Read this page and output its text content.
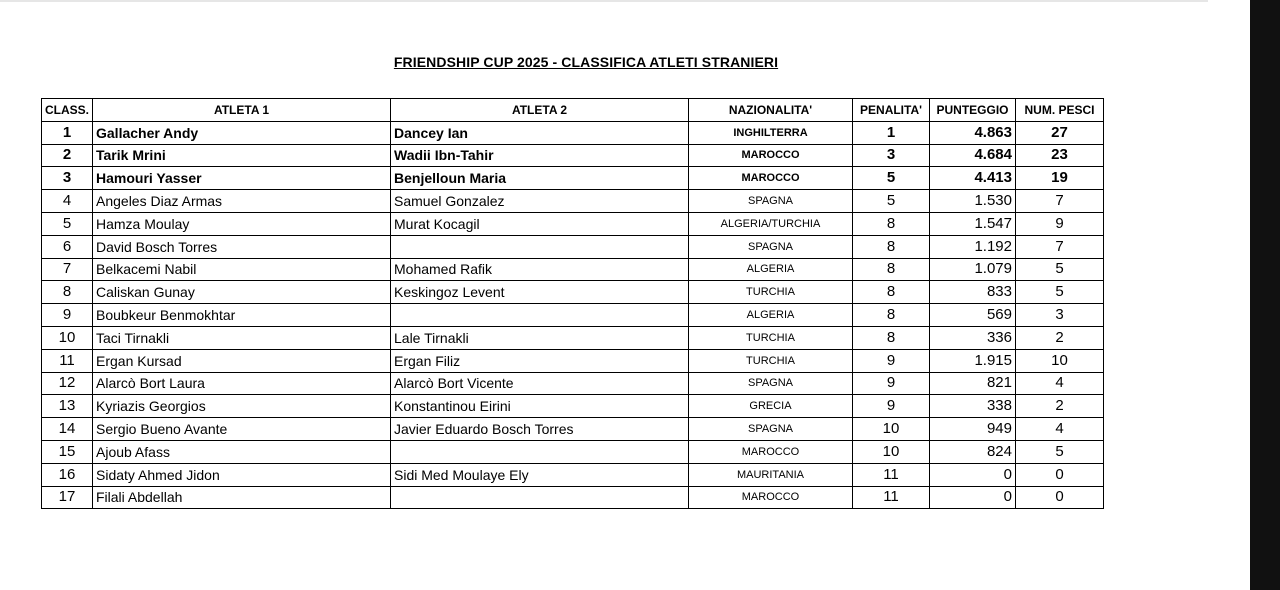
FRIENDSHIP CUP 2025 - CLASSIFICA ATLETI STRANIERI
CLASS.	ATLETA 1	ATLETA 2	NAZIONALITA'	PENALITA'	PUNTEGGIO	NUM. PESCI
1	Gallacher Andy	Dancey Ian	INGHILTERRA	1	4.863	27
2	Tarik Mrini	Wadii Ibn-Tahir	MAROCCO	3	4.684	23
3	Hamouri Yasser	Benjelloun Maria	MAROCCO	5	4.413	19
4	Angeles Diaz Armas	Samuel Gonzalez	SPAGNA	5	1.530	7
5	Hamza Moulay	Murat Kocagil	ALGERIA/TURCHIA	8	1.547	9
6	David Bosch Torres		SPAGNA	8	1.192	7
7	Belkacemi Nabil	Mohamed Rafik	ALGERIA	8	1.079	5
8	Caliskan Gunay	Keskingoz Levent	TURCHIA	8	833	5
9	Boubkeur Benmokhtar		ALGERIA	8	569	3
10	Taci Tirnakli	Lale Tirnakli	TURCHIA	8	336	2
11	Ergan Kursad	Ergan Filiz	TURCHIA	9	1.915	10
12	Alarcò Bort Laura	Alarcò Bort Vicente	SPAGNA	9	821	4
13	Kyriazis Georgios	Konstantinou Eirini	GRECIA	9	338	2
14	Sergio Bueno Avante	Javier Eduardo Bosch Torres	SPAGNA	10	949	4
15	Ajoub Afass		MAROCCO	10	824	5
16	Sidaty Ahmed Jidon	Sidi Med Moulaye Ely	MAURITANIA	11	0	0
17	Filali Abdellah		MAROCCO	11	0	0
